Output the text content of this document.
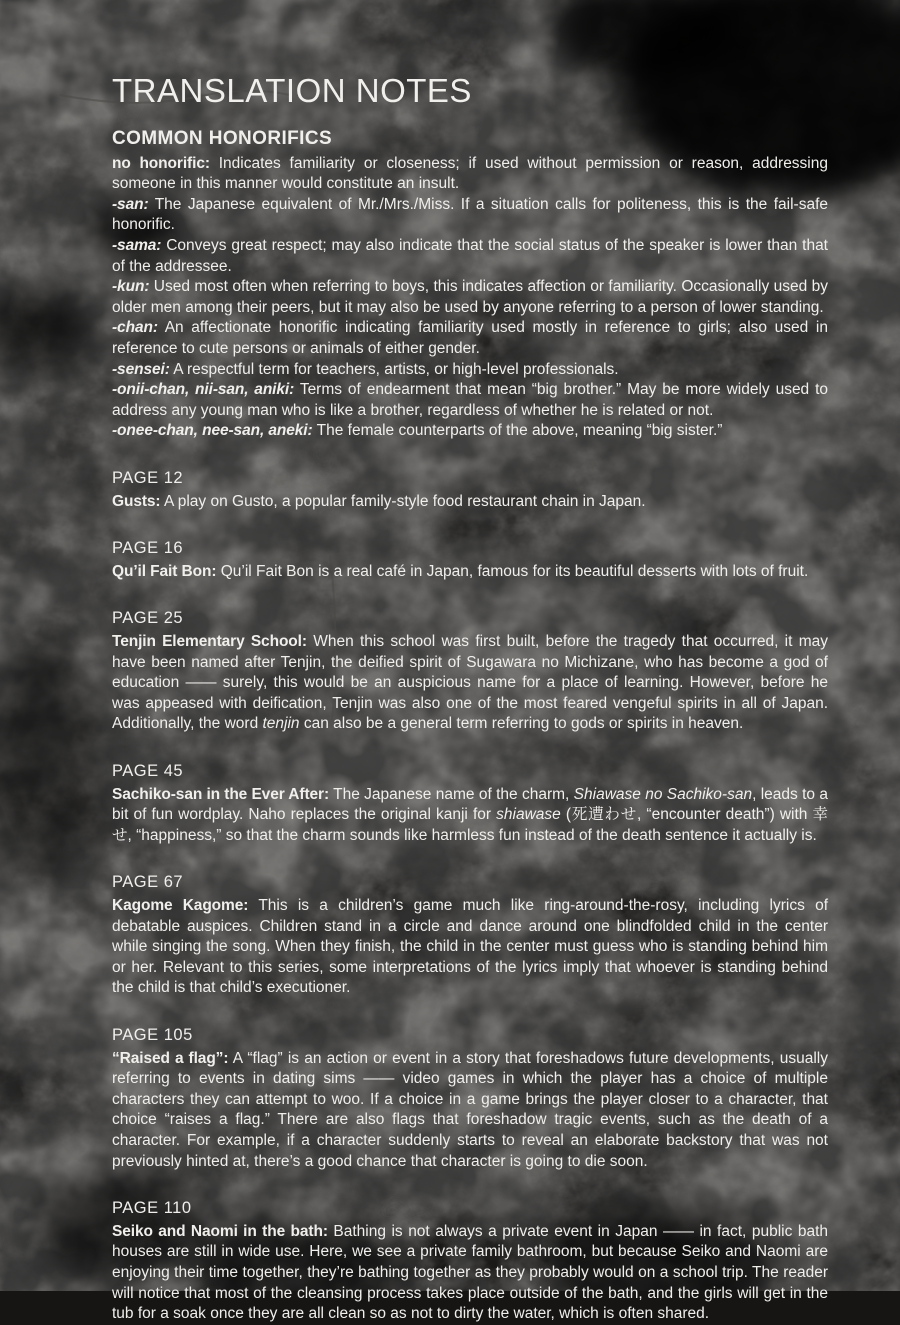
TRANSLATION NOTES
COMMON HONORIFICS

no honorific: Indicates familiarity or closeness; if used without permission or reason, addressing someone in this manner would constitute an insult.

-san: The Japanese equivalent of Mr./Mrs./Miss. If a situation calls for politeness, this is the fail-safe honorific.

-sama: Conveys great respect; may also indicate that the social status of the speaker is lower than that of the addressee.

-kun: Used most often when referring to boys, this indicates affection or familiarity. Occasionally used by older men among their peers, but it may also be used by anyone referring to a person of lower standing.

-chan: An affectionate honorific indicating familiarity used mostly in reference to girls; also used in reference to cute persons or animals of either gender.

-sensei: A respectful term for teachers, artists, or high-level professionals.

-onii-chan, nii-san, aniki: Terms of endearment that mean “big brother.” May be more widely used to address any young man who is like a brother, regardless of whether he is related or not.

-onee-chan, nee-san, aneki: The female counterparts of the above, meaning “big sister.”

PAGE 12

Gusts: A play on Gusto, a popular family-style food restaurant chain in Japan.

PAGE 16

Qu’il Fait Bon: Qu’il Fait Bon is a real café in Japan, famous for its beautiful desserts with lots of fruit.

PAGE 25

Tenjin Elementary School: When this school was first built, before the tragedy that occurred, it may have been named after Tenjin, the deified spirit of Sugawara no Michizane, who has become a god of education —— surely, this would be an auspicious name for a place of learning. However, before he was appeased with deification, Tenjin was also one of the most feared vengeful spirits in all of Japan. Additionally, the word tenjin can also be a general term referring to gods or spirits in heaven.

PAGE 45

Sachiko-san in the Ever After: The Japanese name of the charm, Shiawase no Sachiko-san, leads to a bit of fun wordplay. Naho replaces the original kanji for shiawase (死遭わせ, “encounter death”) with 幸せ, “happiness,” so that the charm sounds like harmless fun instead of the death sentence it actually is.

PAGE 67

Kagome Kagome: This is a children’s game much like ring-around-the-rosy, including lyrics of debatable auspices. Children stand in a circle and dance around one blindfolded child in the center while singing the song. When they finish, the child in the center must guess who is standing behind him or her. Relevant to this series, some interpretations of the lyrics imply that whoever is standing behind the child is that child’s executioner.

PAGE 105

“Raised a flag”: A “flag” is an action or event in a story that foreshadows future developments, usually referring to events in dating sims —— video games in which the player has a choice of multiple characters they can attempt to woo. If a choice in a game brings the player closer to a character, that choice “raises a flag.” There are also flags that foreshadow tragic events, such as the death of a character. For example, if a character suddenly starts to reveal an elaborate backstory that was not previously hinted at, there’s a good chance that character is going to die soon.

PAGE 110

Seiko and Naomi in the bath: Bathing is not always a private event in Japan —— in fact, public bath houses are still in wide use. Here, we see a private family bathroom, but because Seiko and Naomi are enjoying their time together, they’re bathing together as they probably would on a school trip. The reader will notice that most of the cleansing process takes place outside of the bath, and the girls will get in the tub for a soak once they are all clean so as not to dirty the water, which is often shared.
